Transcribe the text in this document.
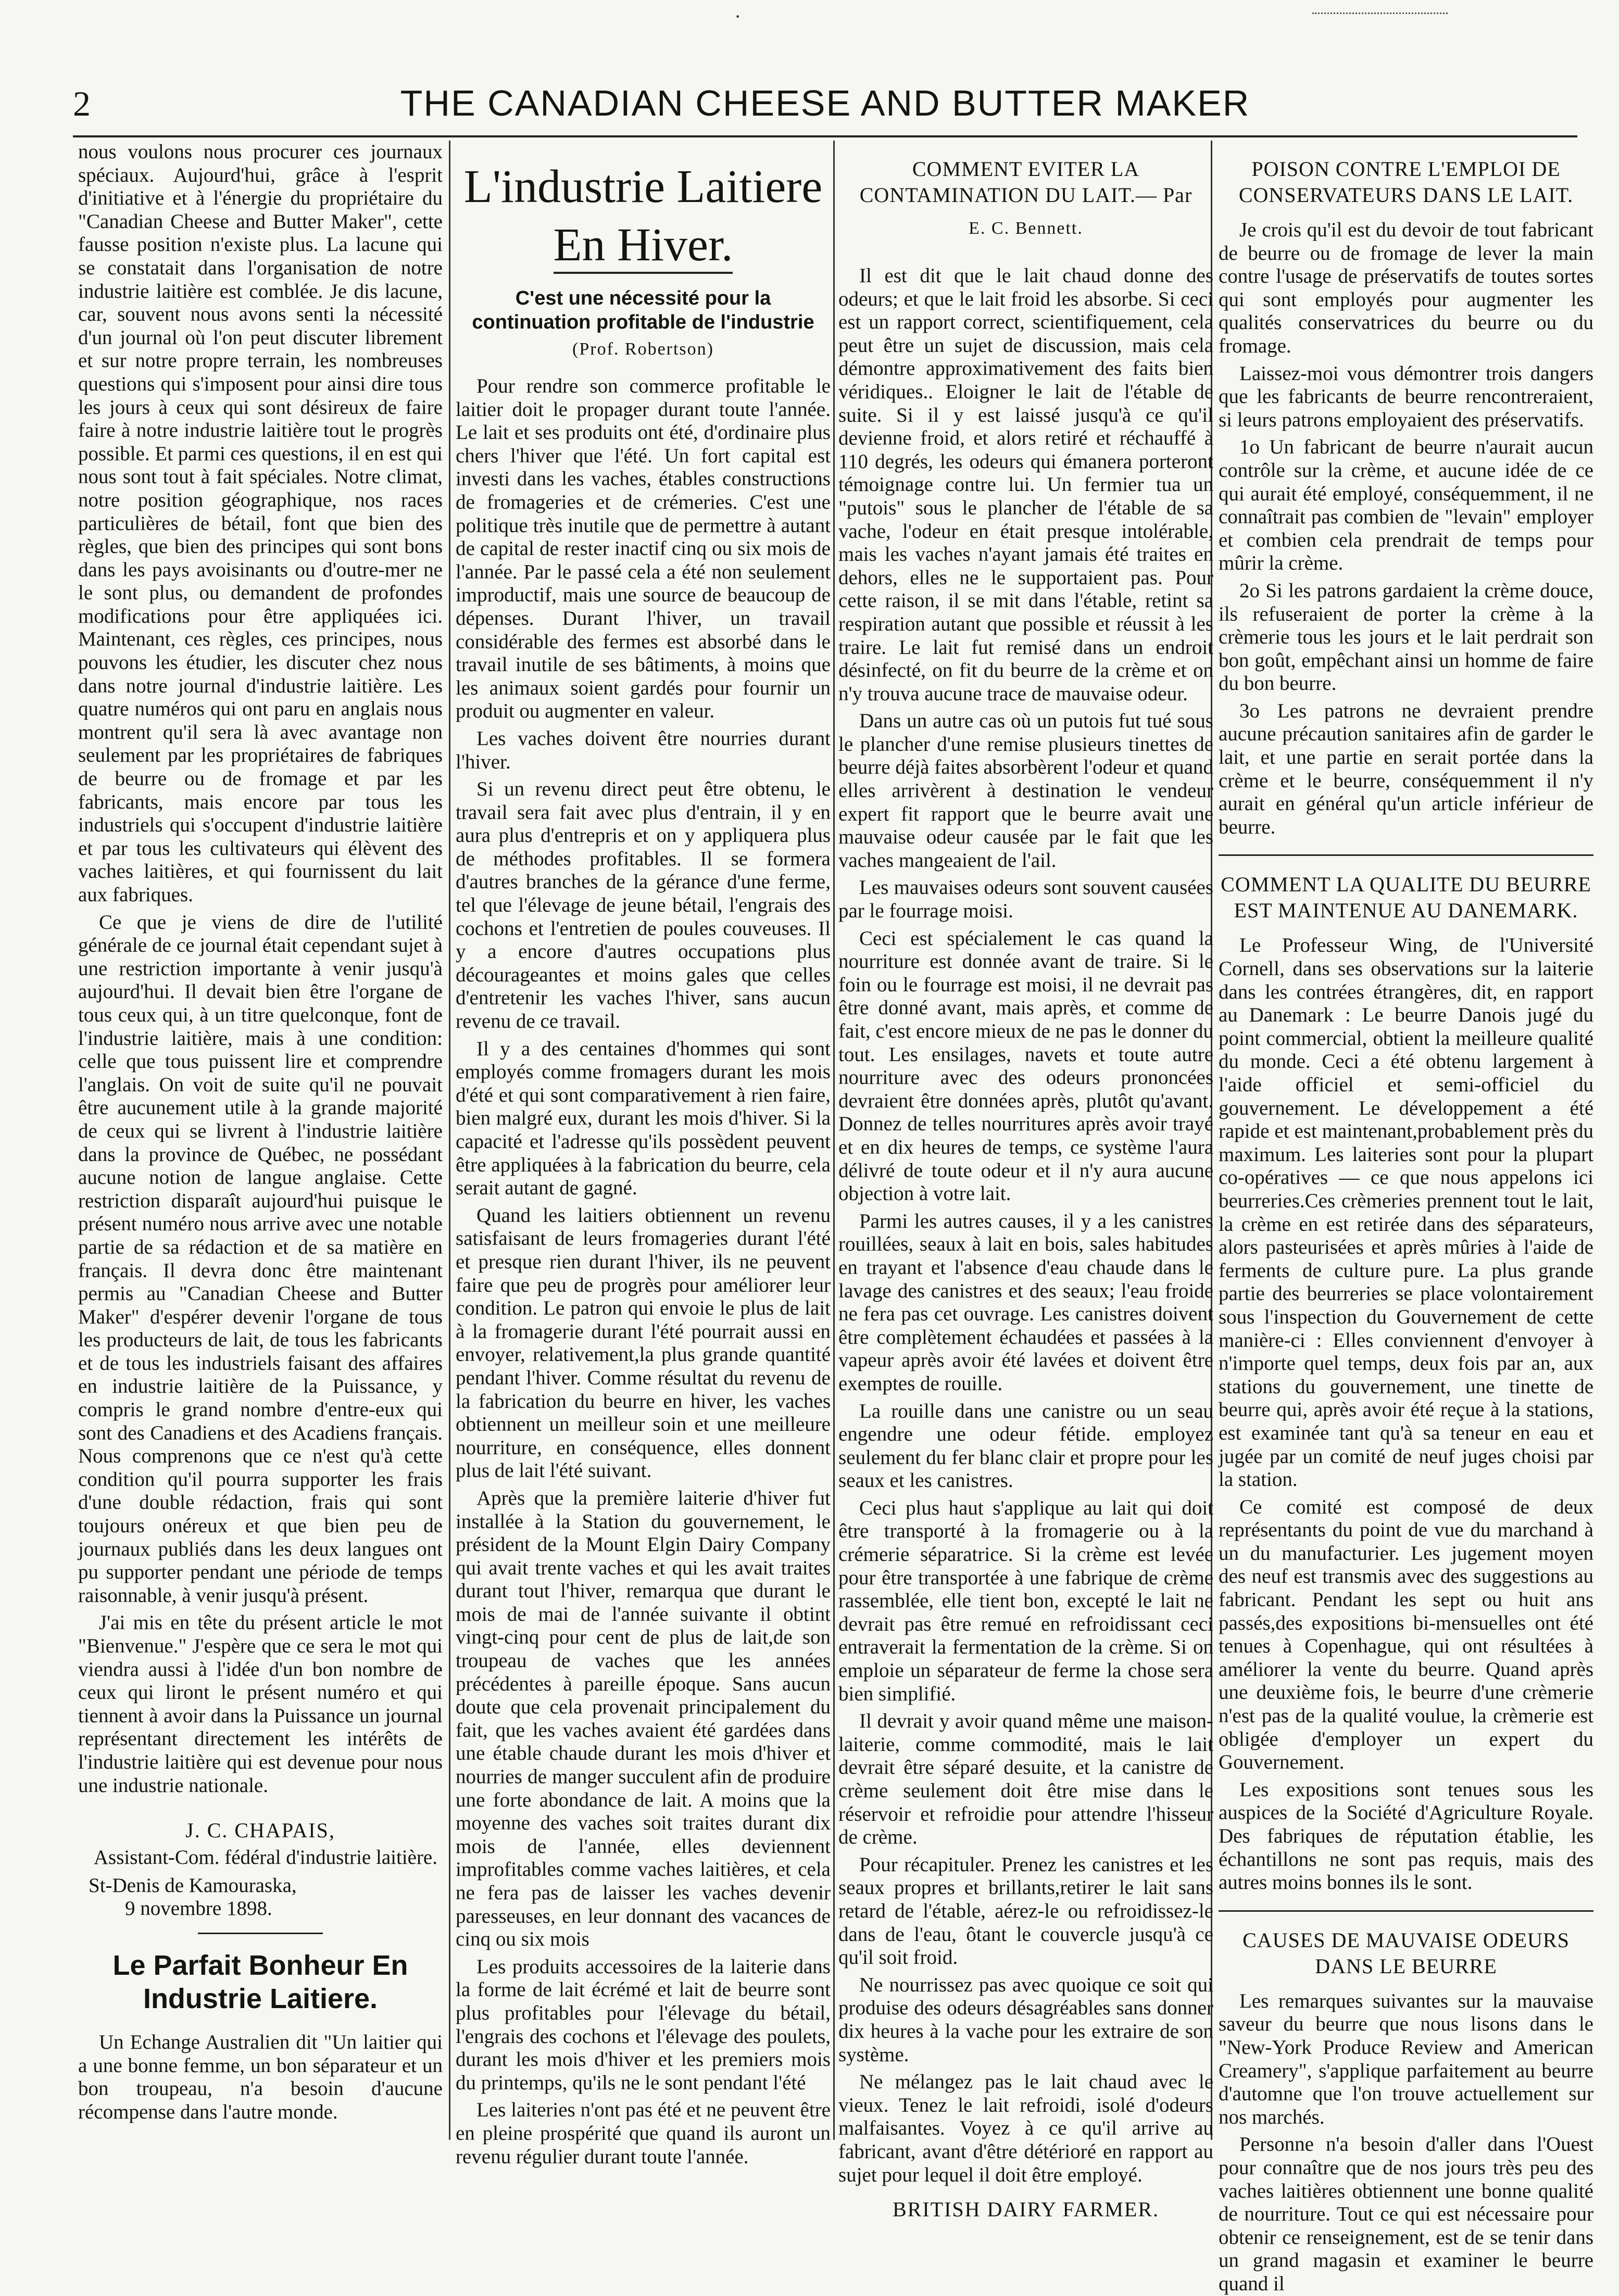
·
2	THE CANADIAN CHEESE AND BUTTER MAKER

nous voulons nous procurer ces journaux spéciaux. Aujourd'hui, grâce à l'esprit d'initiative et à l'énergie du propriétaire du "Canadian Cheese and Butter Maker", cette fausse position n'existe plus. La lacune qui se constatait dans l'organisation de notre industrie laitière est comblée. Je dis lacune, car, souvent nous avons senti la nécessité d'un journal où l'on peut discuter librement et sur notre propre terrain, les nombreuses questions qui s'imposent pour ainsi dire tous les jours à ceux qui sont désireux de faire faire à notre industrie laitière tout le progrès possible. Et parmi ces questions, il en est qui nous sont tout à fait spéciales. Notre climat, notre position géographique, nos races particulières de bétail, font que bien des règles, que bien des principes qui sont bons dans les pays avoisinants ou d'outre-mer ne le sont plus, ou demandent de profondes modifications pour être appliquées ici. Maintenant, ces règles, ces principes, nous pouvons les étudier, les discuter chez nous dans notre journal d'industrie laitière. Les quatre numéros qui ont paru en anglais nous montrent qu'il sera là avec avantage non seulement par les propriétaires de fabriques de beurre ou de fromage et par les fabricants, mais encore par tous les industriels qui s'occupent d'industrie laitière et par tous les cultivateurs qui élèvent des vaches laitières, et qui fournissent du lait aux fabriques.

Ce que je viens de dire de l'utilité générale de ce journal était cependant sujet à une restriction importante à venir jusqu'à aujourd'hui. Il devait bien être l'organe de tous ceux qui, à un titre quelconque, font de l'industrie laitière, mais à une condition: celle que tous puissent lire et comprendre l'anglais. On voit de suite qu'il ne pouvait être aucunement utile à la grande majorité de ceux qui se livrent à l'industrie laitière dans la province de Québec, ne possédant aucune notion de langue anglaise. Cette restriction disparaît aujourd'hui puisque le présent numéro nous arrive avec une notable partie de sa rédaction et de sa matière en français. Il devra donc être maintenant permis au "Canadian Cheese and Butter Maker" d'espérer devenir l'organe de tous les producteurs de lait, de tous les fabricants et de tous les industriels faisant des affaires en industrie laitière de la Puissance, y compris le grand nombre d'entre-eux qui sont des Canadiens et des Acadiens français. Nous comprenons que ce n'est qu'à cette condition qu'il pourra supporter les frais d'une double rédaction, frais qui sont toujours onéreux et que bien peu de journaux publiés dans les deux langues ont pu supporter pendant une période de temps raisonnable, à venir jusqu'à présent.

J'ai mis en tête du présent article le mot "Bienvenue." J'espère que ce sera le mot qui viendra aussi à l'idée d'un bon nombre de ceux qui liront le présent numéro et qui tiennent à avoir dans la Puissance un journal représentant directement les intérêts de l'industrie laitière qui est devenue pour nous une industrie nationale.

J. C. CHAPAIS,
Assistant-Com. fédéral d'industrie laitière.
St-Denis de Kamouraska,
9 novembre 1898.
Le Parfait Bonheur En Industrie Laitiere.

Un Echange Australien dit "Un laitier qui a une bonne femme, un bon séparateur et un bon troupeau, n'a besoin d'aucune récompense dans l'autre monde.

L'industrie Laitiere
En Hiver.
C'est une nécessité pour la continuation profitable de l'industrie
(Prof. Robertson)

Pour rendre son commerce profitable le laitier doit le propager durant toute l'année. Le lait et ses produits ont été, d'ordinaire plus chers l'hiver que l'été. Un fort capital est investi dans les vaches, étables constructions de fromageries et de crémeries. C'est une politique très inutile que de permettre à autant de capital de rester inactif cinq ou six mois de l'année. Par le passé cela a été non seulement improductif, mais une source de beaucoup de dépenses. Durant l'hiver, un travail considérable des fermes est absorbé dans le travail inutile de ses bâtiments, à moins que les animaux soient gardés pour fournir un produit ou augmenter en valeur.

Les vaches doivent être nourries durant l'hiver.

Si un revenu direct peut être obtenu, le travail sera fait avec plus d'entrain, il y en aura plus d'entrepris et on y appliquera plus de méthodes profitables. Il se formera d'autres branches de la gérance d'une ferme, tel que l'élevage de jeune bétail, l'engrais des cochons et l'entretien de poules couveuses. Il y a encore d'autres occupations plus décourageantes et moins gales que celles d'entretenir les vaches l'hiver, sans aucun revenu de ce travail.

Il y a des centaines d'hommes qui sont employés comme fromagers durant les mois d'été et qui sont comparativement à rien faire, bien malgré eux, durant les mois d'hiver. Si la capacité et l'adresse qu'ils possèdent peuvent être appliquées à la fabrication du beurre, cela serait autant de gagné.

Quand les laitiers obtiennent un revenu satisfaisant de leurs fromageries durant l'été et presque rien durant l'hiver, ils ne peuvent faire que peu de progrès pour améliorer leur condition. Le patron qui envoie le plus de lait à la fromagerie durant l'été pourrait aussi en envoyer, relativement,la plus grande quantité pendant l'hiver. Comme résultat du revenu de la fabrication du beurre en hiver, les vaches obtiennent un meilleur soin et une meilleure nourriture, en conséquence, elles donnent plus de lait l'été suivant.

Après que la première laiterie d'hiver fut installée à la Station du gouvernement, le président de la Mount Elgin Dairy Company qui avait trente vaches et qui les avait traites durant tout l'hiver, remarqua que durant le mois de mai de l'année suivante il obtint vingt-cinq pour cent de plus de lait,de son troupeau de vaches que les années précédentes à pareille époque. Sans aucun doute que cela provenait principalement du fait, que les vaches avaient été gardées dans une étable chaude durant les mois d'hiver et nourries de manger succulent afin de produire une forte abondance de lait. A moins que la moyenne des vaches soit traites durant dix mois de l'année, elles deviennent improfitables comme vaches laitières, et cela ne fera pas de laisser les vaches devenir paresseuses, en leur donnant des vacances de cinq ou six mois

Les produits accessoires de la laiterie dans la forme de lait écrémé et lait de beurre sont plus profitables pour l'élevage du bétail, l'engrais des cochons et l'élevage des poulets, durant les mois d'hiver et les premiers mois du printemps, qu'ils ne le sont pendant l'été

Les laiteries n'ont pas été et ne peuvent être en pleine prospérité que quand ils auront un revenu régulier durant toute l'année.

COMMENT EVITER LA CONTAMINATION DU LAIT.— Par
E. C. Bennett.

Il est dit que le lait chaud donne des odeurs; et que le lait froid les absorbe. Si ceci est un rapport correct, scientifiquement, cela peut être un sujet de discussion, mais cela démontre approximativement des faits bien véridiques.. Eloigner le lait de l'étable de suite. Si il y est laissé jusqu'à ce qu'il devienne froid, et alors retiré et réchauffé à 110 degrés, les odeurs qui émanera porteront témoignage contre lui. Un fermier tua un "putois" sous le plancher de l'étable de sa vache, l'odeur en était presque intolérable, mais les vaches n'ayant jamais été traites en dehors, elles ne le supportaient pas. Pour cette raison, il se mit dans l'étable, retint sa respiration autant que possible et réussit à les traire. Le lait fut remisé dans un endroit désinfecté, on fit du beurre de la crème et on n'y trouva aucune trace de mauvaise odeur.

Dans un autre cas où un putois fut tué sous le plancher d'une remise plusieurs tinettes de beurre déjà faites absorbèrent l'odeur et quand elles arrivèrent à destination le vendeur expert fit rapport que le beurre avait une mauvaise odeur causée par le fait que les vaches mangeaient de l'ail.

Les mauvaises odeurs sont souvent causées par le fourrage moisi.

Ceci est spécialement le cas quand la nourriture est donnée avant de traire. Si le foin ou le fourrage est moisi, il ne devrait pas être donné avant, mais après, et comme de fait, c'est encore mieux de ne pas le donner du tout. Les ensilages, navets et toute autre nourriture avec des odeurs prononcées devraient être données après, plutôt qu'avant. Donnez de telles nourritures après avoir trayé et en dix heures de temps, ce système l'aura délivré de toute odeur et il n'y aura aucune objection à votre lait.

Parmi les autres causes, il y a les canistres rouillées, seaux à lait en bois, sales habitudes en trayant et l'absence d'eau chaude dans le lavage des canistres et des seaux; l'eau froide ne fera pas cet ouvrage. Les canistres doivent être complètement échaudées et passées à la vapeur après avoir été lavées et doivent être exemptes de rouille.

La rouille dans une canistre ou un seau engendre une odeur fétide. employez seulement du fer blanc clair et propre pour les seaux et les canistres.

Ceci plus haut s'applique au lait qui doit être transporté à la fromagerie ou à la crémerie séparatrice. Si la crème est levée pour être transportée à une fabrique de crème rassemblée, elle tient bon, excepté le lait ne devrait pas être remué en refroidissant ceci entraverait la fermentation de la crème. Si on emploie un séparateur de ferme la chose sera bien simplifié.

Il devrait y avoir quand même une maison-laiterie, comme commodité, mais le lait devrait être séparé desuite, et la canistre de crème seulement doit être mise dans le réservoir et refroidie pour attendre l'hisseur de crème.

Pour récapituler. Prenez les canistres et les seaux propres et brillants,retirer le lait sans retard de l'étable, aérez-le ou refroidissez-le dans de l'eau, ôtant le couvercle jusqu'à ce qu'il soit froid.

Ne nourrissez pas avec quoique ce soit qui produise des odeurs désagréables sans donner dix heures à la vache pour les extraire de son système.

Ne mélangez pas le lait chaud avec le vieux. Tenez le lait refroidi, isolé d'odeurs malfaisantes. Voyez à ce qu'il arrive au fabricant, avant d'être détérioré en rapport au sujet pour lequel il doit être employé.

BRITISH DAIRY FARMER.
POISON CONTRE L'EMPLOI DE CONSERVATEURS DANS LE LAIT.

Je crois qu'il est du devoir de tout fabricant de beurre ou de fromage de lever la main contre l'usage de préservatifs de toutes sortes qui sont employés pour augmenter les qualités conservatrices du beurre ou du fromage.

Laissez-moi vous démontrer trois dangers que les fabricants de beurre rencontreraient, si leurs patrons employaient des préservatifs.

1o Un fabricant de beurre n'aurait aucun contrôle sur la crème, et aucune idée de ce qui aurait été employé, conséquemment, il ne connaîtrait pas combien de "levain" employer et combien cela prendrait de temps pour mûrir la crème.

2o Si les patrons gardaient la crème douce, ils refuseraient de porter la crème à la crèmerie tous les jours et le lait perdrait son bon goût, empêchant ainsi un homme de faire du bon beurre.

3o Les patrons ne devraient prendre aucune précaution sanitaires afin de garder le lait, et une partie en serait portée dans la crème et le beurre, conséquemment il n'y aurait en général qu'un article inférieur de beurre.

COMMENT LA QUALITE DU BEURRE EST MAINTENUE AU DANEMARK.

Le Professeur Wing, de l'Université Cornell, dans ses observations sur la laiterie dans les contrées étrangères, dit, en rapport au Danemark : Le beurre Danois jugé du point commercial, obtient la meilleure qualité du monde. Ceci a été obtenu largement à l'aide officiel et semi-officiel du gouvernement. Le développement a été rapide et est maintenant,probablement près du maximum. Les laiteries sont pour la plupart co-opératives — ce que nous appelons ici beurreries.Ces crèmeries prennent tout le lait, la crème en est retirée dans des séparateurs, alors pasteurisées et après mûries à l'aide de ferments de culture pure. La plus grande partie des beurreries se place volontairement sous l'inspection du Gouvernement de cette manière-ci : Elles conviennent d'envoyer à n'importe quel temps, deux fois par an, aux stations du gouvernement, une tinette de beurre qui, après avoir été reçue à la stations, est examinée tant qu'à sa teneur en eau et jugée par un comité de neuf juges choisi par la station.

Ce comité est composé de deux représentants du point de vue du marchand à un du manufacturier. Les jugement moyen des neuf est transmis avec des suggestions au fabricant. Pendant les sept ou huit ans passés,des expositions bi-mensuelles ont été tenues à Copenhague, qui ont résultées à améliorer la vente du beurre. Quand après une deuxième fois, le beurre d'une crèmerie n'est pas de la qualité voulue, la crèmerie est obligée d'employer un expert du Gouvernement.

Les expositions sont tenues sous les auspices de la Société d'Agriculture Royale. Des fabriques de réputation établie, les échantillons ne sont pas requis, mais des autres moins bonnes ils le sont.

CAUSES DE MAUVAISE ODEURS DANS LE BEURRE

Les remarques suivantes sur la mauvaise saveur du beurre que nous lisons dans le "New-York Produce Review and American Creamery", s'applique parfaitement au beurre d'automne que l'on trouve actuellement sur nos marchés.

Personne n'a besoin d'aller dans l'Ouest pour connaître que de nos jours très peu des vaches laitières obtiennent une bonne qualité de nourriture. Tout ce qui est nécessaire pour obtenir ce renseignement, est de se tenir dans un grand magasin et examiner le beurre quand il
